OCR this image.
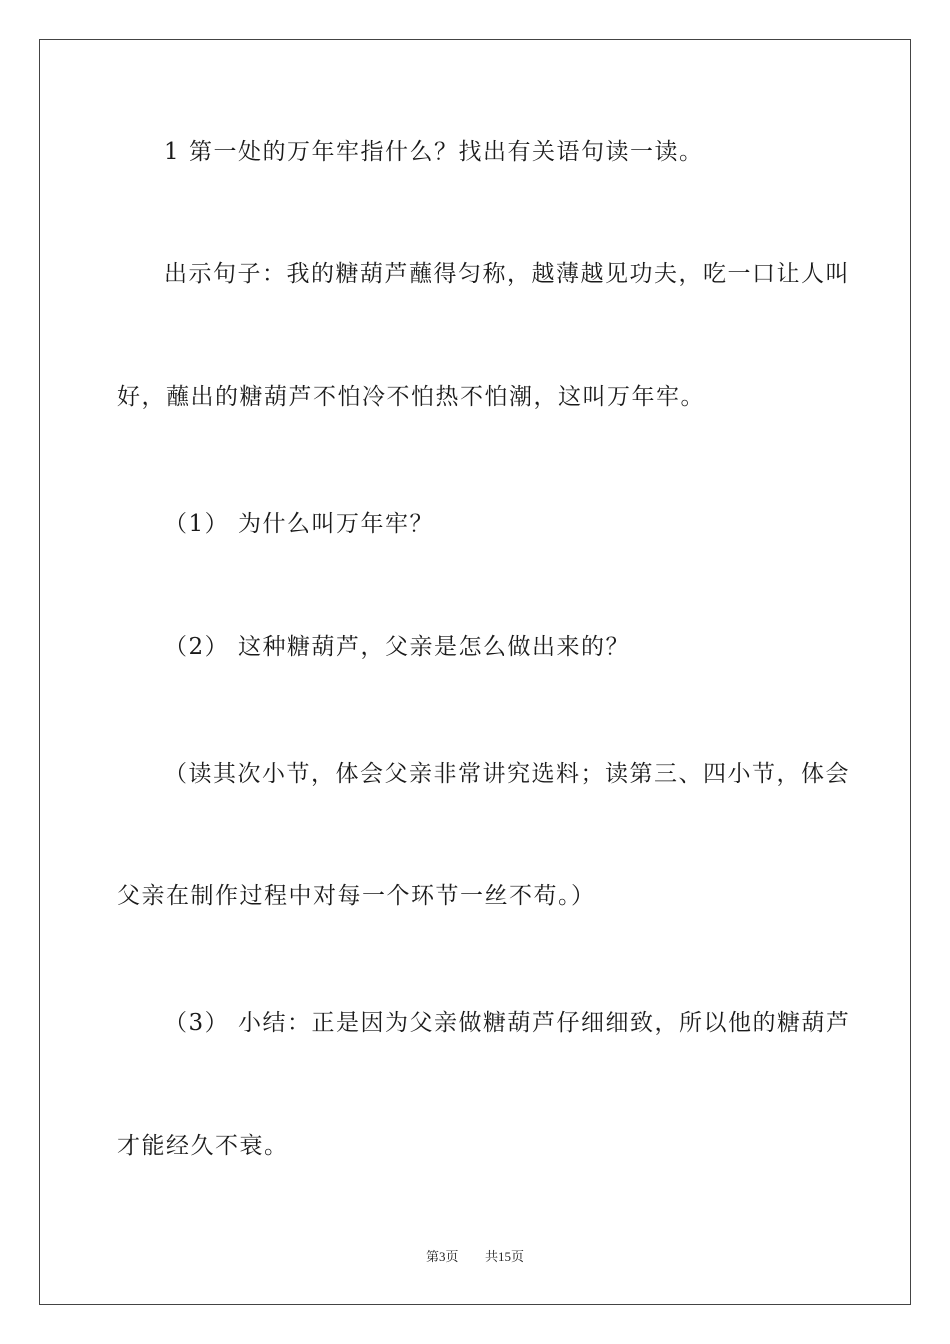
1 第一处的万年牢指什么？找出有关语句读一读。
出示句子：我的糖葫芦蘸得匀称，越薄越见功夫，吃一口让人叫
好，蘸出的糖葫芦不怕冷不怕热不怕潮，这叫万年牢。
（1） 为什么叫万年牢？
（2） 这种糖葫芦，父亲是怎么做出来的？
（读其次小节，体会父亲非常讲究选料；读第三、四小节，体会
父亲在制作过程中对每一个环节一丝不苟。）
（3） 小结：正是因为父亲做糖葫芦仔细细致，所以他的糖葫芦
才能经久不衰。
第3页 共15页
